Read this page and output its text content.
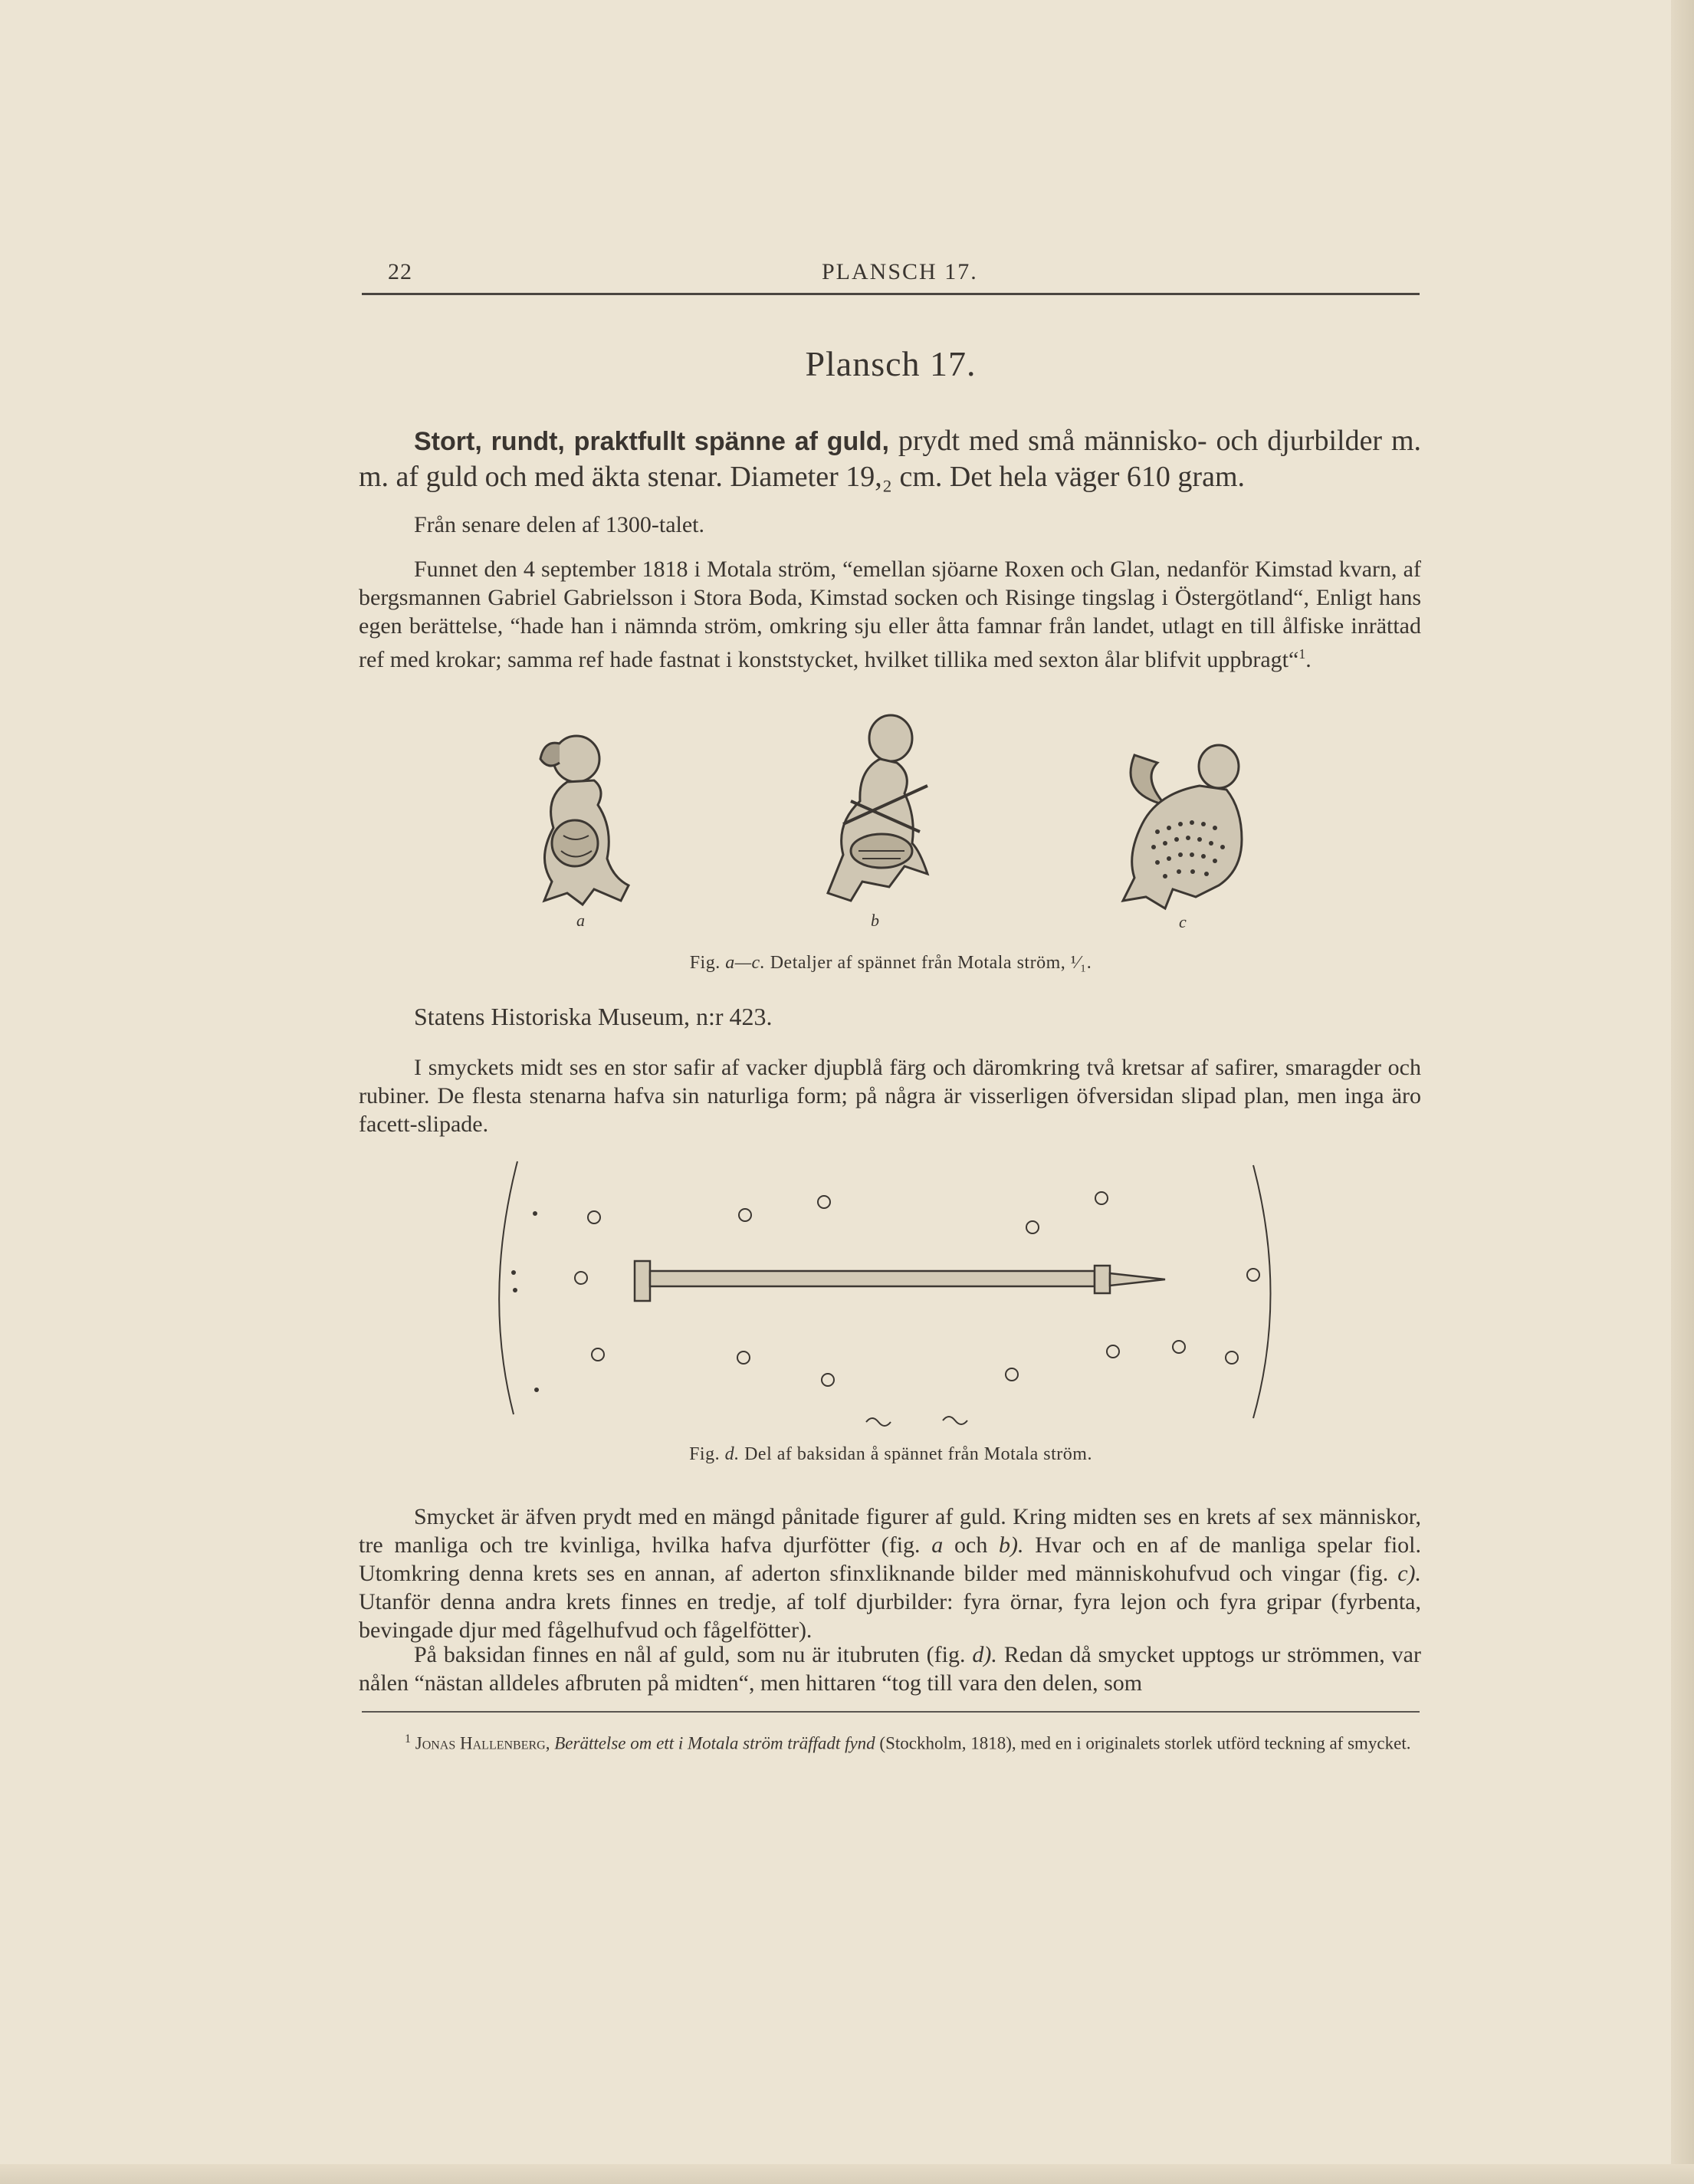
22	PLANSCH 17.
Plansch 17.
Stort, rundt, praktfullt spänne af guld, prydt med små människo- och djurbilder m. m. af guld och med äkta stenar. Diameter 19,₂ cm. Det hela väger 610 gram.
Från senare delen af 1300-talet.
Funnet den 4 september 1818 i Motala ström, “emellan sjöarne Roxen och Glan, nedanför Kimstad kvarn, af bergsmannen Gabriel Gabrielsson i Stora Boda, Kimstad socken och Risinge tingslag i Östergötland“, Enligt hans egen berättelse, “hade han i nämnda ström, omkring sju eller åtta famnar från landet, utlagt en till ålfiske inrättad ref med krokar; samma ref hade fastnat i konststycket, hvilket tillika med sexton ålar blifvit uppbragt“$^1$.
a	b	c
Fig. a—c. Detaljer af spännet från Motala ström, ¹⁄₁.
Statens Historiska Museum, n:r 423.
I smyckets midt ses en stor safir af vacker djupblå färg och däromkring två kretsar af safirer, smaragder och rubiner. De flesta stenarna hafva sin naturliga form; på några är visserligen öfversidan slipad plan, men inga äro facett-slipade.
Fig. d. Del af baksidan å spännet från Motala ström.
Smycket är äfven prydt med en mängd pånitade figurer af guld. Kring midten ses en krets af sex människor, tre manliga och tre kvinliga, hvilka hafva djurfötter (fig. a och b). Hvar och en af de manliga spelar fiol. Utomkring denna krets ses en annan, af aderton sfinxliknande bilder med människohufvud och vingar (fig. c). Utanför denna andra krets finnes en tredje, af tolf djurbilder: fyra örnar, fyra lejon och fyra gripar (fyrbenta, bevingade djur med fågelhufvud och fågelfötter).
På baksidan finnes en nål af guld, som nu är itubruten (fig. d). Redan då smycket upptogs ur strömmen, var nålen “nästan alldeles afbruten på midten“, men hittaren “tog till vara den delen, som
$^1$ Jonas Hallenberg, Berättelse om ett i Motala ström träffadt fynd (Stockholm, 1818), med en i originalets storlek utförd teckning af smycket.
